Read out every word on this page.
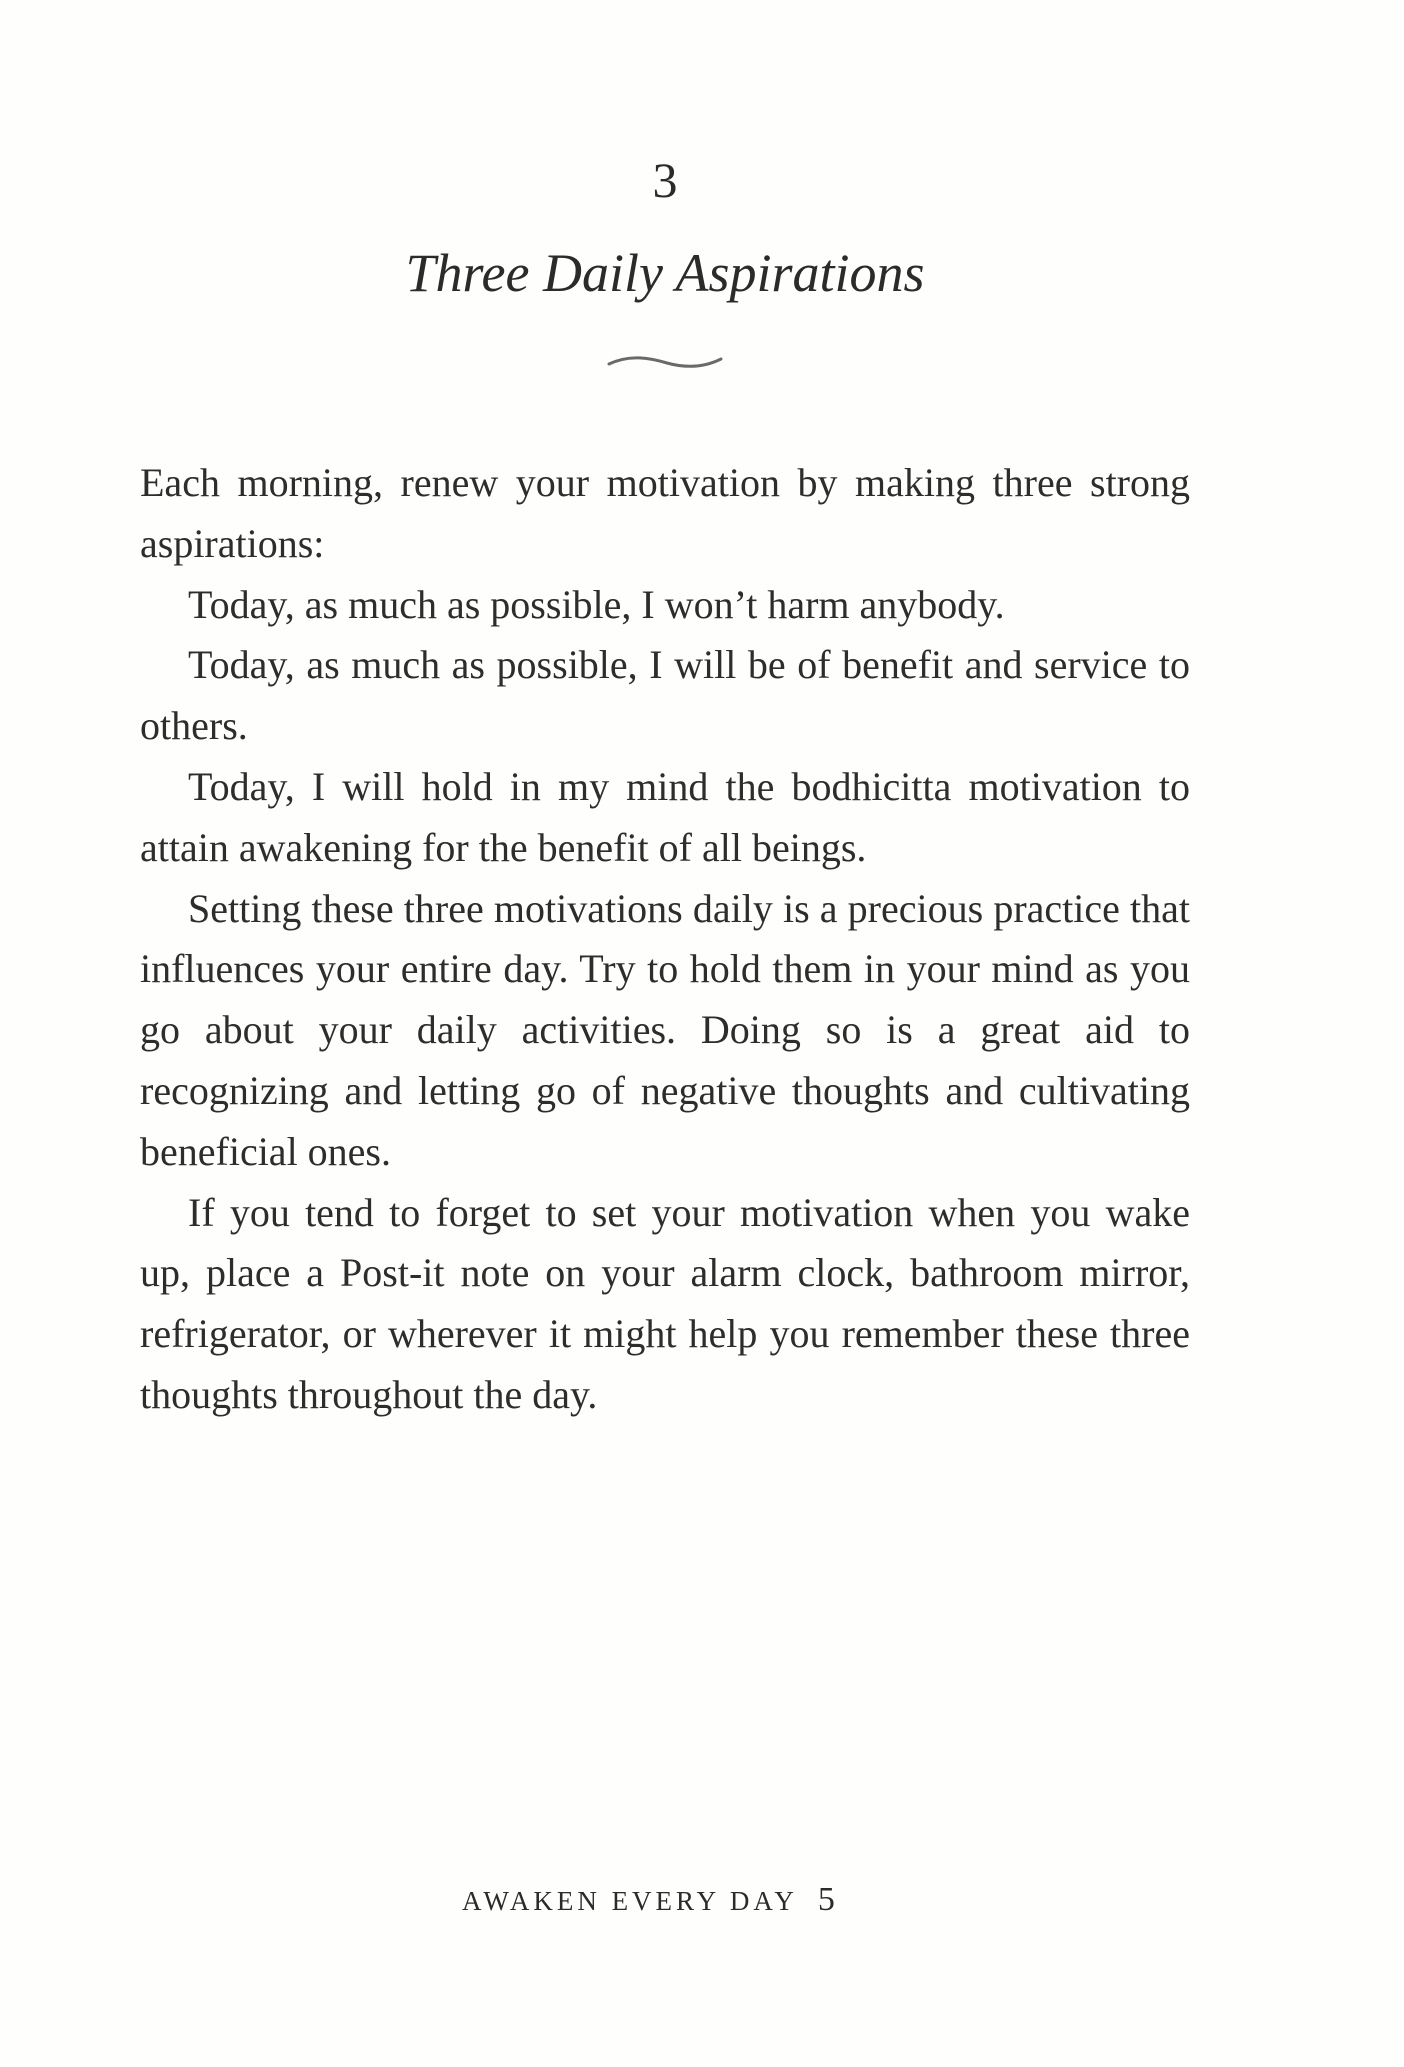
3
Three Daily Aspirations

Each morning, renew your motivation by making three strong aspirations:

Today, as much as possible, I won’t harm anybody.

Today, as much as possible, I will be of benefit and service to others.

Today, I will hold in my mind the bodhicitta motivation to attain awakening for the benefit of all beings.

Setting these three motivations daily is a precious practice that influences your entire day. Try to hold them in your mind as you go about your daily activities. Doing so is a great aid to recognizing and letting go of negative thoughts and cultivating beneficial ones.

If you tend to forget to set your motivation when you wake up, place a Post-it note on your alarm clock, bathroom mirror, refrigerator, or wherever it might help you remember these three thoughts throughout the day.

AWAKEN EVERY DAY 5
